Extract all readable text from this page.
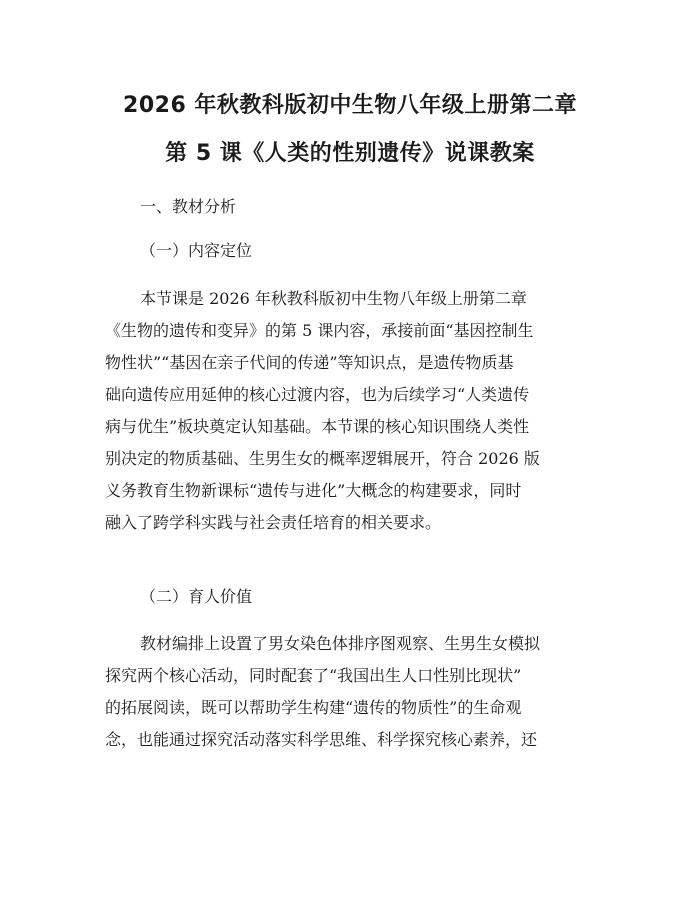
2026 年秋教科版初中生物八年级上册第二章
第 5 课《人类的性别遗传》说课教案
一、教材分析
（一）内容定位
本节课是 2026 年秋教科版初中生物八年级上册第二章
《生物的遗传和变异》的第 5 课内容，承接前面“基因控制生
物性状”“基因在亲子代间的传递”等知识点，是遗传物质基
础向遗传应用延伸的核心过渡内容，也为后续学习“人类遗传
病与优生”板块奠定认知基础。本节课的核心知识围绕人类性
别决定的物质基础、生男生女的概率逻辑展开，符合 2026 版
义务教育生物新课标“遗传与进化”大概念的构建要求，同时
融入了跨学科实践与社会责任培育的相关要求。
（二）育人价值
教材编排上设置了男女染色体排序图观察、生男生女模拟
探究两个核心活动，同时配套了“我国出生人口性别比现状”
的拓展阅读，既可以帮助学生构建“遗传的物质性”的生命观
念，也能通过探究活动落实科学思维、科学探究核心素养，还
